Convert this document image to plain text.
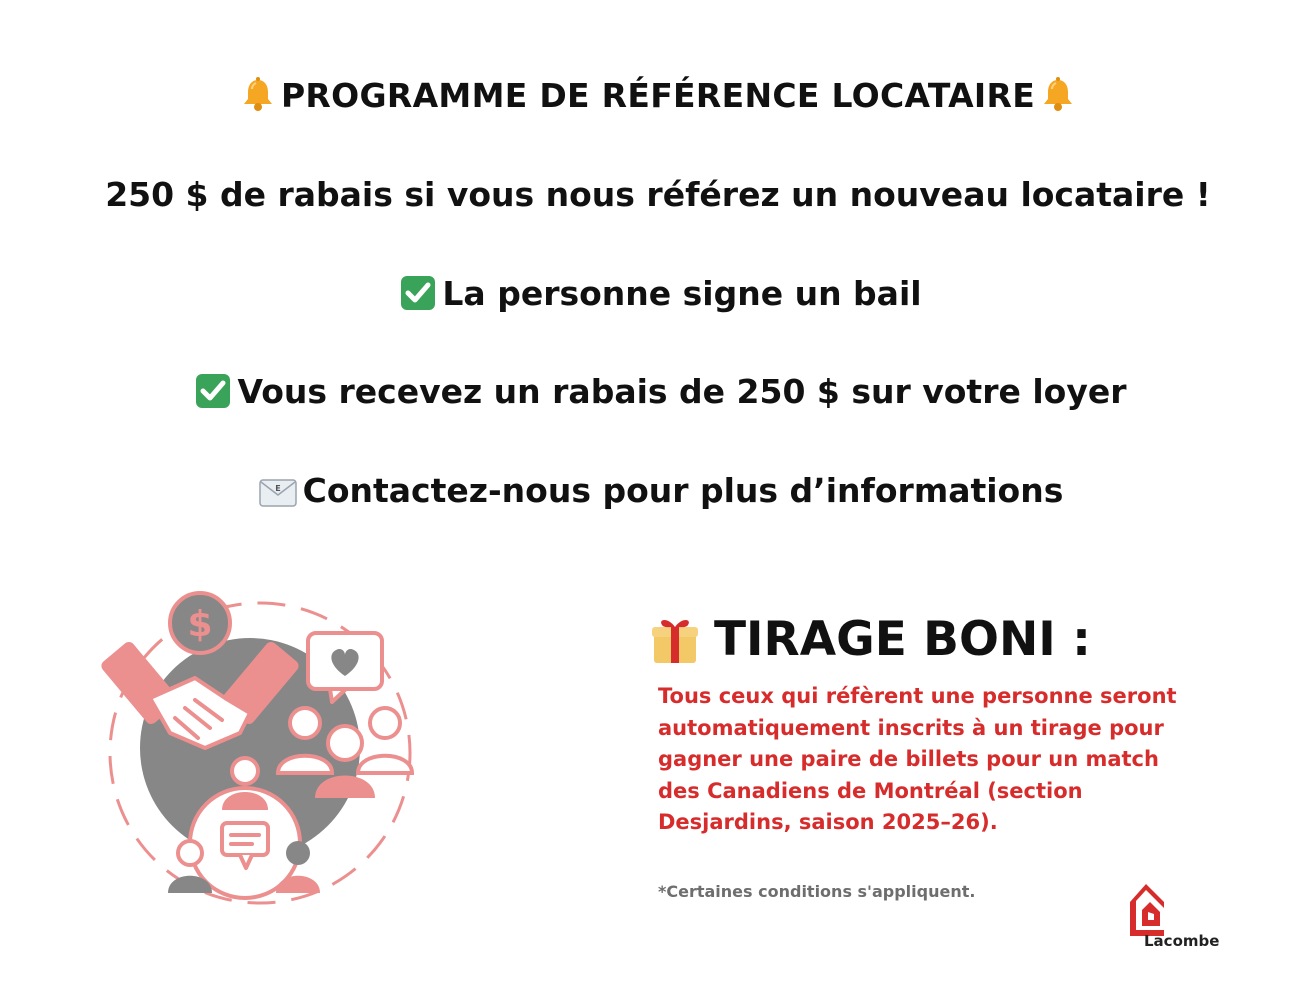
PROGRAMME DE RÉFÉRENCE LOCATAIRE
250 $ de rabais si vous nous référez un nouveau locataire !
La personne signe un bail
Vous recevez un rabais de 250 $ sur votre loyer
E Contactez-nous pour plus d’informations
$	TIRAGE BONI :
Tous ceux qui réfèrent une personne seront automatiquement inscrits à un tirage pour gagner une paire de billets pour un match des Canadiens de Montréal (section Desjardins, saison 2025–26).
*Certaines conditions s'appliquent.
Lacombe
